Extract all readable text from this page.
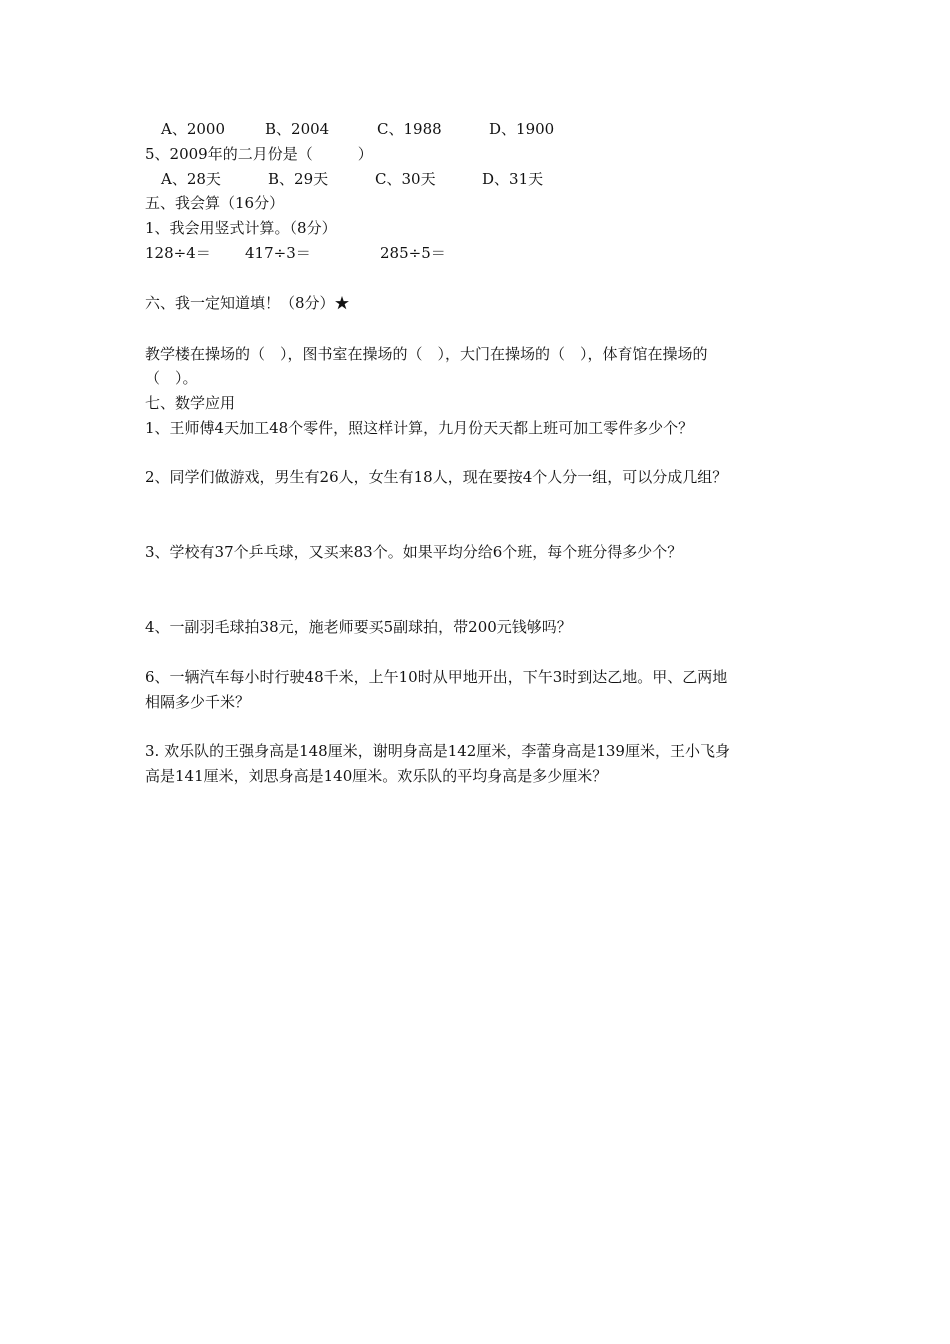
A、2000	B、2004	C、1988	D、1900
5、2009年的二月份是（　　　）
A、28天	B、29天	C、30天	D、31天
五、我会算（16分）
1、我会用竖式计算。（8分）
128÷4＝ 417÷3＝	285÷5＝
六、我一定知道填！（8分）★
教学楼在操场的（　），图书室在操场的（　），大门在操场的（　），体育馆在操场的
（　）。
七、数学应用
1、王师傅4天加工48个零件，照这样计算，九月份天天都上班可加工零件多少个？
2、同学们做游戏，男生有26人，女生有18人，现在要按4个人分一组，可以分成几组？
3、学校有37个乒乓球，又买来83个。如果平均分给6个班，每个班分得多少个？
4、一副羽毛球拍38元，施老师要买5副球拍，带200元钱够吗？
6、一辆汽车每小时行驶48千米，上午10时从甲地开出，下午3时到达乙地。甲、乙两地
相隔多少千米？
3. 欢乐队的王强身高是148厘米，谢明身高是142厘米，李蕾身高是139厘米，王小飞身
高是141厘米，刘思身高是140厘米。欢乐队的平均身高是多少厘米？
